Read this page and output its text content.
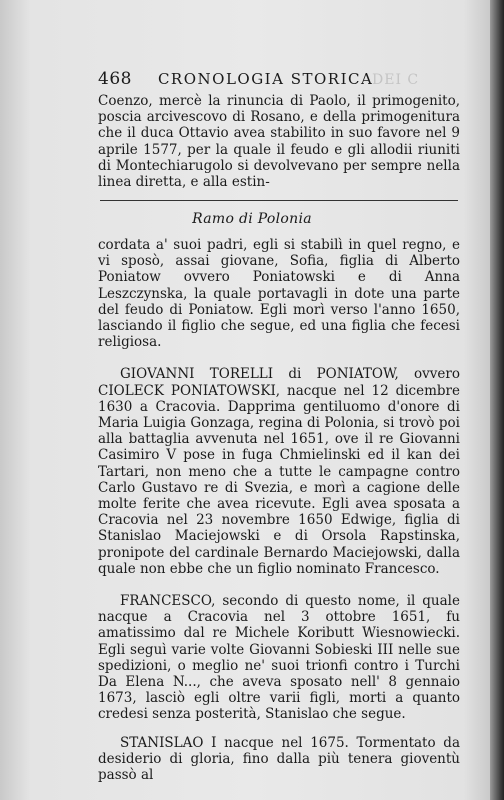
468 CRONOLOGIA STORICA
DEI C

Coenzo, mercè la rinuncia di Paolo, il primogenito, poscia arcivescovo di Rosano, e della primogenitura che il duca Ottavio avea stabilito in suo favore nel 9 aprile 1577, per la quale il feudo e gli allodii riuniti di Montechiarugolo si devolvevano per sempre nella linea diretta, e alla estin-

Ramo di Polonia

cordata a' suoi padri, egli si stabilì in quel regno, e vi sposò, assai giovane, Sofia, figlia di Alberto Poniatow ovvero Poniatowski e di Anna Leszczynska, la quale portavagli in dote una parte del feudo di Poniatow. Egli morì verso l'anno 1650, lasciando il figlio che segue, ed una figlia che fecesi religiosa.

GIOVANNI TORELLI di PONIATOW, ovvero CIOLECK PONIATOWSKI, nacque nel 12 dicembre 1630 a Cracovia. Dapprima gentiluomo d'onore di Maria Luigia Gonzaga, regina di Polonia, si trovò poi alla battaglia avvenuta nel 1651, ove il re Giovanni Casimiro V pose in fuga Chmielinski ed il kan dei Tartari, non meno che a tutte le campagne contro Carlo Gustavo re di Svezia, e morì a cagione delle molte ferite che avea ricevute. Egli avea sposata a Cracovia nel 23 novembre 1650 Edwige, figlia di Stanislao Maciejowski e di Orsola Rapstinska, pronipote del cardinale Bernardo Maciejowski, dalla quale non ebbe che un figlio nominato Francesco.

FRANCESCO, secondo di questo nome, il quale nacque a Cracovia nel 3 ottobre 1651, fu amatissimo dal re Michele Koributt Wiesnowiecki. Egli seguì varie volte Giovanni Sobieski III nelle sue spedizioni, o meglio ne' suoi trionfi contro i Turchi Da Elena N..., che aveva sposato nell' 8 gennaio 1673, lasciò egli oltre varii figli, morti a quanto credesi senza posterità, Stanislao che segue.

STANISLAO I nacque nel 1675. Tormentato da desiderio di gloria, fino dalla più tenera gioventù passò al
